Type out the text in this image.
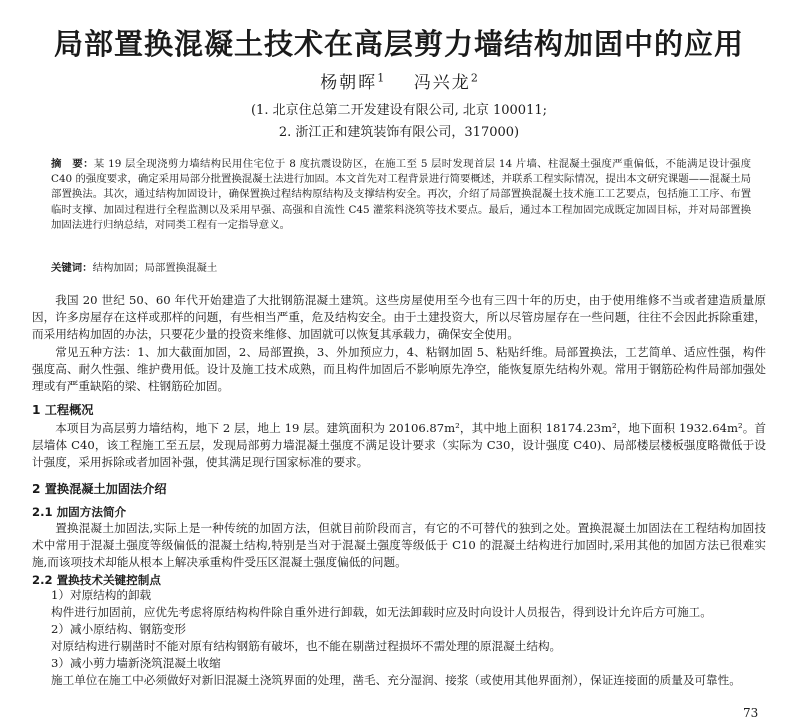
局部置换混凝土技术在高层剪力墙结构加固中的应用
杨朝晖$^1$ 冯兴龙$^2$
(1. 北京住总第二开发建设有限公司, 北京 100011;
2. 浙江正和建筑装饰有限公司，317000)
摘　要：某 19 层全现浇剪力墙结构民用住宅位于 8 度抗震设防区，在施工至 5 层时发现首层 14 片墙、柱混凝土强度严重偏低，不能满足设计强度 C40 的强度要求，确定采用局部分批置换混凝土法进行加固。本文首先对工程背景进行简要概述，并联系工程实际情况，提出本文研究课题——混凝土局部置换法。其次，通过结构加固设计，确保置换过程结构原结构及支撑结构安全。再次，介绍了局部置换混凝土技术施工工艺要点，包括施工工序、布置临时支撑、加固过程进行全程监测以及采用早强、高强和自流性 C45 灌浆料浇筑等技术要点。最后，通过本工程加固完成既定加固目标，并对局部置换加固法进行归纳总结，对同类工程有一定指导意义。
关键词：结构加固；局部置换混凝土

我国 20 世纪 50、60 年代开始建造了大批钢筋混凝土建筑。这些房屋使用至今也有三四十年的历史，由于使用维修不当或者建造质量原因，许多房屋存在这样或那样的问题，有些相当严重，危及结构安全。由于土建投资大，所以尽管房屋存在一些问题，往往不会因此拆除重建，而采用结构加固的办法，只要花少量的投资来维修、加固就可以恢复其承载力，确保安全使用。

常见五种方法：1、加大截面加固，2、局部置换，3、外加预应力，4、粘钢加固 5、粘贴纤维。局部置换法，工艺简单、适应性强，构件强度高、耐久性强、维护费用低。设计及施工技术成熟，而且构件加固后不影响原先净空，能恢复原先结构外观。常用于钢筋砼构件局部加强处理或有严重缺陷的梁、柱钢筋砼加固。

1 工程概况

本项目为高层剪力墙结构，地下 2 层，地上 19 层。建筑面积为 20106.87m²，其中地上面积 18174.23m²，地下面积 1932.64m²。首层墙体 C40，该工程施工至五层，发现局部剪力墙混凝土强度不满足设计要求（实际为 C30，设计强度 C40)、局部楼层楼板强度略微低于设计强度，采用拆除或者加固补强，使其满足现行国家标准的要求。

2 置换混凝土加固法介绍
2.1 加固方法简介

置换混凝土加固法,实际上是一种传统的加固方法，但就目前阶段而言，有它的不可替代的独到之处。置换混凝土加固法在工程结构加固技术中常用于混凝土强度等级偏低的混凝土结构,特别是当对于混凝土强度等级低于 C10 的混凝土结构进行加固时,采用其他的加固方法已很难实施,而该项技术却能从根本上解决承重构件受压区混凝土强度偏低的问题。

2.2 置换技术关键控制点
1）对原结构的卸载
构件进行加固前，应优先考虑将原结构构件除自重外进行卸载，如无法卸载时应及时向设计人员报告，得到设计允许后方可施工。
2）减小原结构、钢筋变形
对原结构进行剔凿时不能对原有结构钢筋有破坏，也不能在剔凿过程损坏不需处理的原混凝土结构。
3）减小剪力墙新浇筑混凝土收缩
施工单位在施工中必须做好对新旧混凝土浇筑界面的处理，凿毛、充分湿润、接浆（或使用其他界面剂），保证连接面的质量及可靠性。
73
